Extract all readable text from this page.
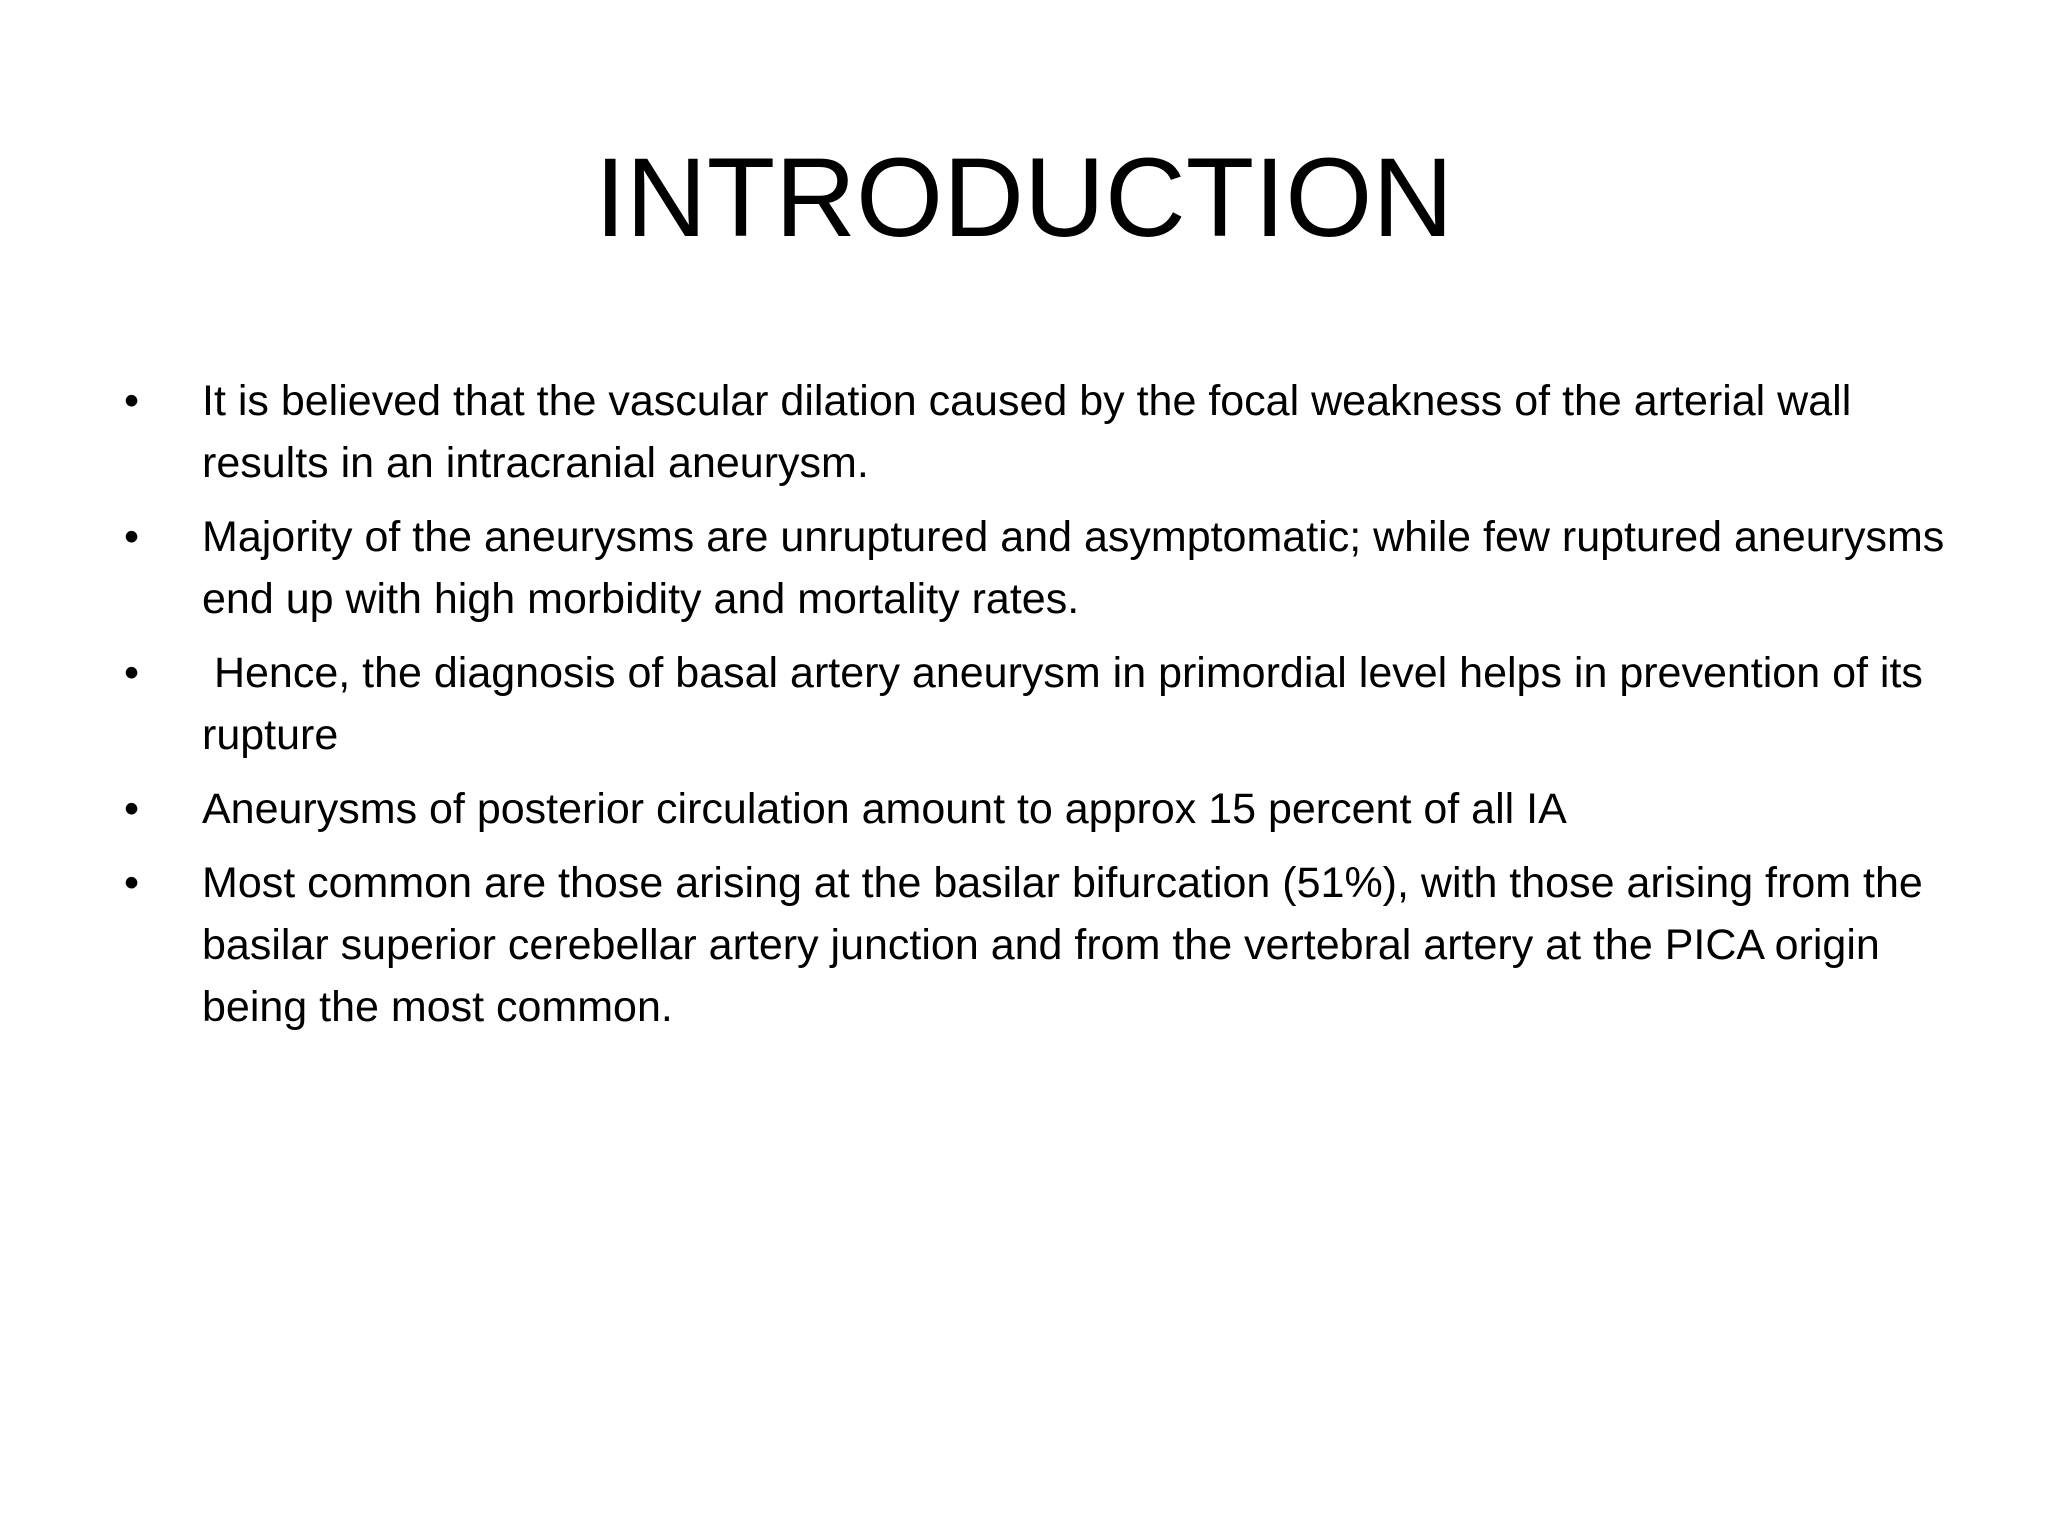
INTRODUCTION
• It is believed that the vascular dilation caused by the focal weakness of the arterial wall results in an intracranial aneurysm.
• Majority of the aneurysms are unruptured and asymptomatic; while few ruptured aneurysms end up with high morbidity and mortality rates.
• Hence, the diagnosis of basal artery aneurysm in primordial level helps in prevention of its rupture
• Aneurysms of posterior circulation amount to approx 15 percent of all IA
• Most common are those arising at the basilar bifurcation (51%), with those arising from the basilar superior cerebellar artery junction and from the vertebral artery at the PICA origin being the most common.
